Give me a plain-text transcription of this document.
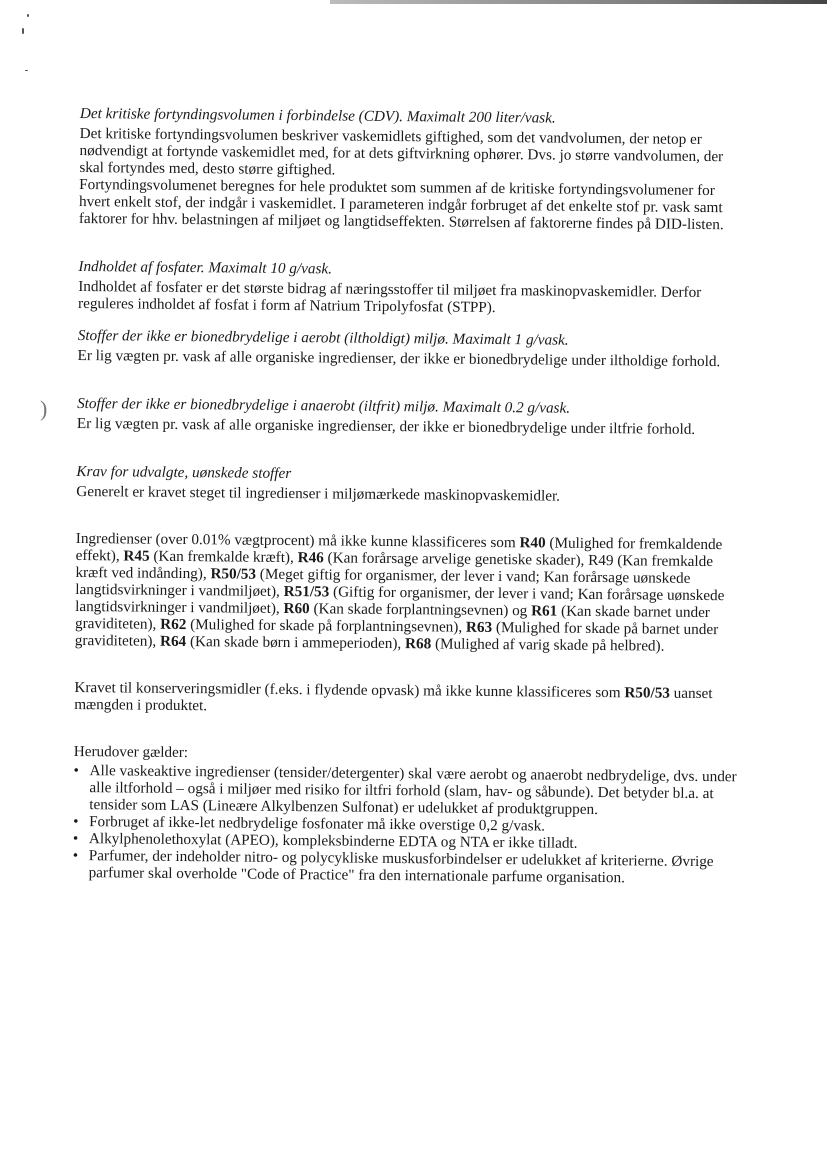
)
Det kritiske fortyndingsvolumen i forbindelse (CDV). Maximalt 200 liter/vask.

Det kritiske fortyndingsvolumen beskriver vaskemidlets giftighed, som det vandvolumen, der netop er nødvendigt at fortynde vaskemidlet med, for at dets giftvirkning ophører. Dvs. jo større vandvolumen, der skal fortyndes med, desto større giftighed.

Fortyndingsvolumenet beregnes for hele produktet som summen af de kritiske fortyndingsvolumener for hvert enkelt stof, der indgår i vaskemidlet. I parameteren indgår forbruget af det enkelte stof pr. vask samt faktorer for hhv. belastningen af miljøet og langtidseffekten. Størrelsen af faktorerne findes på DID-listen.

Indholdet af fosfater. Maximalt 10 g/vask.

Indholdet af fosfater er det største bidrag af næringsstoffer til miljøet fra maskinopvaskemidler. Derfor reguleres indholdet af fosfat i form af Natrium Tripolyfosfat (STPP).

Stoffer der ikke er bionedbrydelige i aerobt (iltholdigt) miljø. Maximalt 1 g/vask.

Er lig vægten pr. vask af alle organiske ingredienser, der ikke er bionedbrydelige under iltholdige forhold.

Stoffer der ikke er bionedbrydelige i anaerobt (iltfrit) miljø. Maximalt 0.2 g/vask.

Er lig vægten pr. vask af alle organiske ingredienser, der ikke er bionedbrydelige under iltfrie forhold.

Krav for udvalgte, uønskede stoffer

Generelt er kravet steget til ingredienser i miljømærkede maskinopvaskemidler.

Ingredienser (over 0.01% vægtprocent) må ikke kunne klassificeres som R40 (Mulighed for fremkaldende effekt), R45 (Kan fremkalde kræft), R46 (Kan forårsage arvelige genetiske skader), R49 (Kan fremkalde kræft ved indånding), R50/53 (Meget giftig for organismer, der lever i vand; Kan forårsage uønskede langtidsvirkninger i vandmiljøet), R51/53 (Giftig for organismer, der lever i vand; Kan forårsage uønskede langtidsvirkninger i vandmiljøet), R60 (Kan skade forplantningsevnen) og R61 (Kan skade barnet under graviditeten), R62 (Mulighed for skade på forplantningsevnen), R63 (Mulighed for skade på barnet under graviditeten), R64 (Kan skade børn i ammeperioden), R68 (Mulighed af varig skade på helbred).

Kravet til konserveringsmidler (f.eks. i flydende opvask) må ikke kunne klassificeres som R50/53 uanset mængden i produktet.

Herudover gælder:

• Alle vaskeaktive ingredienser (tensider/detergenter) skal være aerobt og anaerobt nedbrydelige, dvs. under alle iltforhold – også i miljøer med risiko for iltfri forhold (slam, hav- og såbunde). Det betyder bl.a. at tensider som LAS (Lineære Alkylbenzen Sulfonat) er udelukket af produktgruppen.
• Forbruget af ikke-let nedbrydelige fosfonater må ikke overstige 0,2 g/vask.
• Alkylphenolethoxylat (APEO), kompleksbinderne EDTA og NTA er ikke tilladt.
• Parfumer, der indeholder nitro- og polycykliske muskusforbindelser er udelukket af kriterierne. Øvrige parfumer skal overholde "Code of Practice" fra den internationale parfume organisation.
